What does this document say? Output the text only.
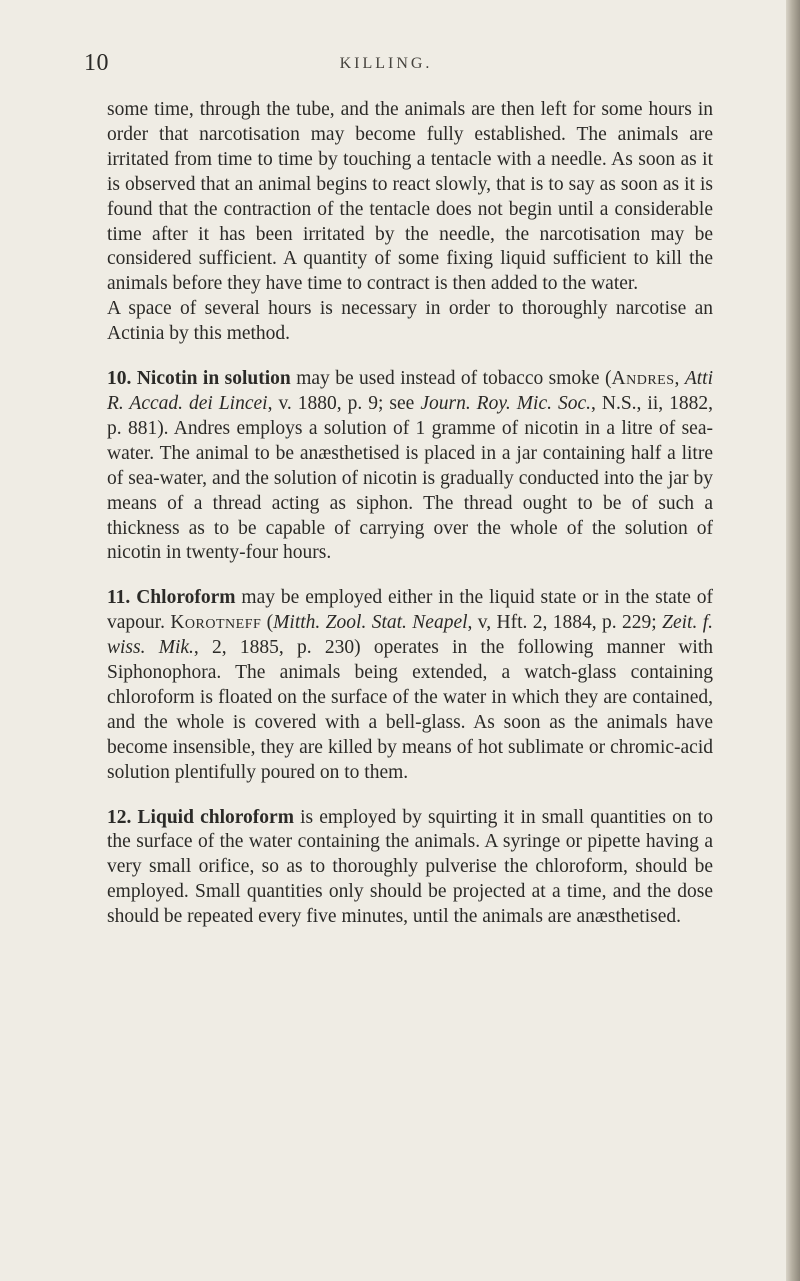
10	KILLING.

some time, through the tube, and the animals are then left for some hours in order that narcotisation may become fully established. The animals are irritated from time to time by touching a tentacle with a needle. As soon as it is observed that an animal begins to react slowly, that is to say as soon as it is found that the contraction of the tentacle does not begin until a considerable time after it has been irritated by the needle, the narcotisation may be considered sufficient. A quantity of some fixing liquid sufficient to kill the animals before they have time to contract is then added to the water.

A space of several hours is necessary in order to thoroughly narcotise an Actinia by this method.

10. Nicotin in solution may be used instead of tobacco smoke (Andres, Atti R. Accad. dei Lincei, v. 1880, p. 9; see Journ. Roy. Mic. Soc., N.S., ii, 1882, p. 881). Andres employs a solution of 1 gramme of nicotin in a litre of sea-water. The animal to be anæsthetised is placed in a jar containing half a litre of sea-water, and the solution of nicotin is gradually conducted into the jar by means of a thread acting as siphon. The thread ought to be of such a thickness as to be capable of carrying over the whole of the solution of nicotin in twenty-four hours.

11. Chloroform may be employed either in the liquid state or in the state of vapour. Korotneff (Mitth. Zool. Stat. Neapel, v, Hft. 2, 1884, p. 229; Zeit. f. wiss. Mik., 2, 1885, p. 230) operates in the following manner with Siphonophora. The animals being extended, a watch-glass containing chloroform is floated on the surface of the water in which they are contained, and the whole is covered with a bell-glass. As soon as the animals have become insensible, they are killed by means of hot sublimate or chromic-acid solution plentifully poured on to them.

12. Liquid chloroform is employed by squirting it in small quantities on to the surface of the water containing the animals. A syringe or pipette having a very small orifice, so as to thoroughly pulverise the chloroform, should be employed. Small quantities only should be projected at a time, and the dose should be repeated every five minutes, until the animals are anæsthetised.
